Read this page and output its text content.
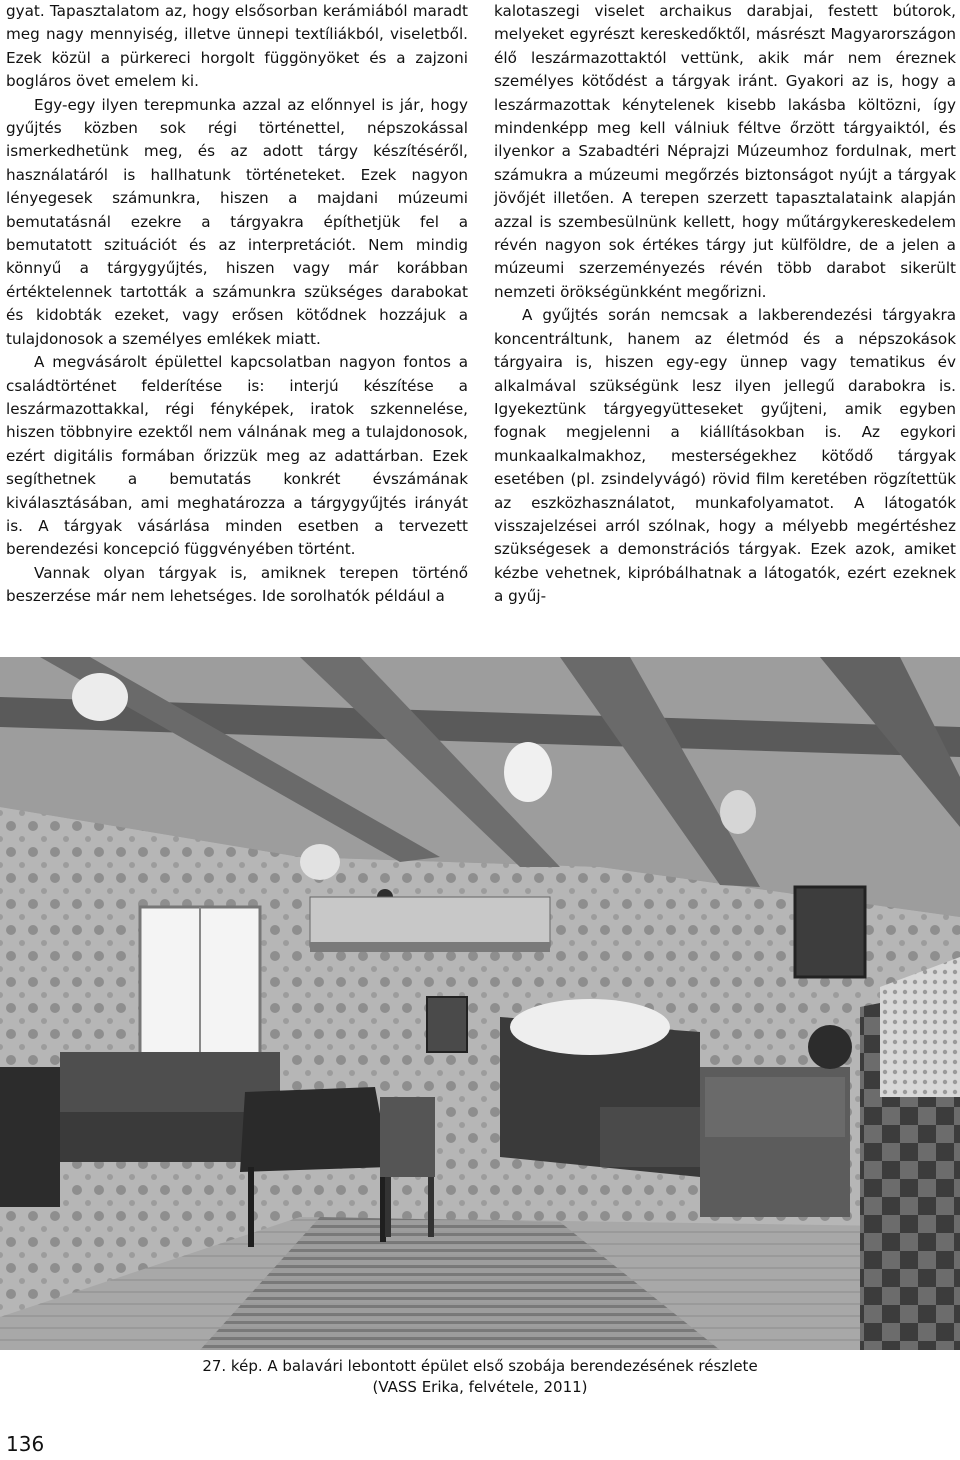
gyat. Tapasztalatom az, hogy elsősorban kerámiából maradt meg nagy mennyiség, illetve ünnepi textíliákból, viseletből. Ezek közül a pürkereci horgolt függönyöket és a zajzoni bogláros övet emelem ki.

Egy-egy ilyen terepmunka azzal az előnnyel is jár, hogy gyűjtés közben sok régi történettel, népszokással ismerkedhetünk meg, és az adott tárgy készítéséről, használatáról is hallhatunk történeteket. Ezek nagyon lényegesek számunkra, hiszen a majdani múzeumi bemutatásnál ezekre a tárgyakra építhetjük fel a bemutatott szituációt és az interpretációt. Nem mindig könnyű a tárgygyűjtés, hiszen vagy már korábban értéktelennek tartották a számunkra szükséges darabokat és kidobták ezeket, vagy erősen kötődnek hozzájuk a tulajdonosok a személyes emlékek miatt.

A megvásárolt épülettel kapcsolatban nagyon fontos a családtörténet felderítése is: interjú készítése a leszármazottakkal, régi fényképek, iratok szkennelése, hiszen többnyire ezektől nem válnának meg a tulajdonosok, ezért digitális formában őrizzük meg az adattárban. Ezek segíthetnek a bemutatás konkrét évszámának kiválasztásában, ami meghatározza a tárgygyűjtés irányát is. A tárgyak vásárlása minden esetben a tervezett berendezési koncepció függvényében történt.

Vannak olyan tárgyak is, amiknek terepen történő beszerzése már nem lehetséges. Ide sorolhatók például a

kalotaszegi viselet archaikus darabjai, festett bútorok, melyeket egyrészt kereskedőktől, másrészt Magyarországon élő leszármazottaktól vettünk, akik már nem éreznek személyes kötődést a tárgyak iránt. Gyakori az is, hogy a leszármazottak kénytelenek kisebb lakásba költözni, így mindenképp meg kell válniuk féltve őrzött tárgyaiktól, és ilyenkor a Szabadtéri Néprajzi Múzeumhoz fordulnak, mert számukra a múzeumi megőrzés biztonságot nyújt a tárgyak jövőjét illetően. A terepen szerzett tapasztalataink alapján azzal is szembesülnünk kellett, hogy műtárgykereskedelem révén nagyon sok értékes tárgy jut külföldre, de a jelen a múzeumi szerzeményezés révén több darabot sikerült nemzeti örökségünkként megőrizni.

A gyűjtés során nemcsak a lakberendezési tárgyakra koncentráltunk, hanem az életmód és a népszokások tárgyaira is, hiszen egy-egy ünnep vagy tematikus év alkalmával szükségünk lesz ilyen jellegű darabokra is. Igyekeztünk tárgyegyütteseket gyűjteni, amik egyben fognak megjelenni a kiállításokban is. Az egykori munkaalkalmakhoz, mesterségekhez kötődő tárgyak esetében (pl. zsindelyvágó) rövid film keretében rögzítettük az eszközhasználatot, munkafolyamatot. A látogatók visszajelzései arról szólnak, hogy a mélyebb megértéshez szükségesek a demonstrációs tárgyak. Ezek azok, amiket kézbe vehetnek, kipróbálhatnak a látogatók, ezért ezeknek a gyűj-

27. kép. A balavári lebontott épület első szobája berendezésének részlete
(VASS Erika, felvétele, 2011)
136
